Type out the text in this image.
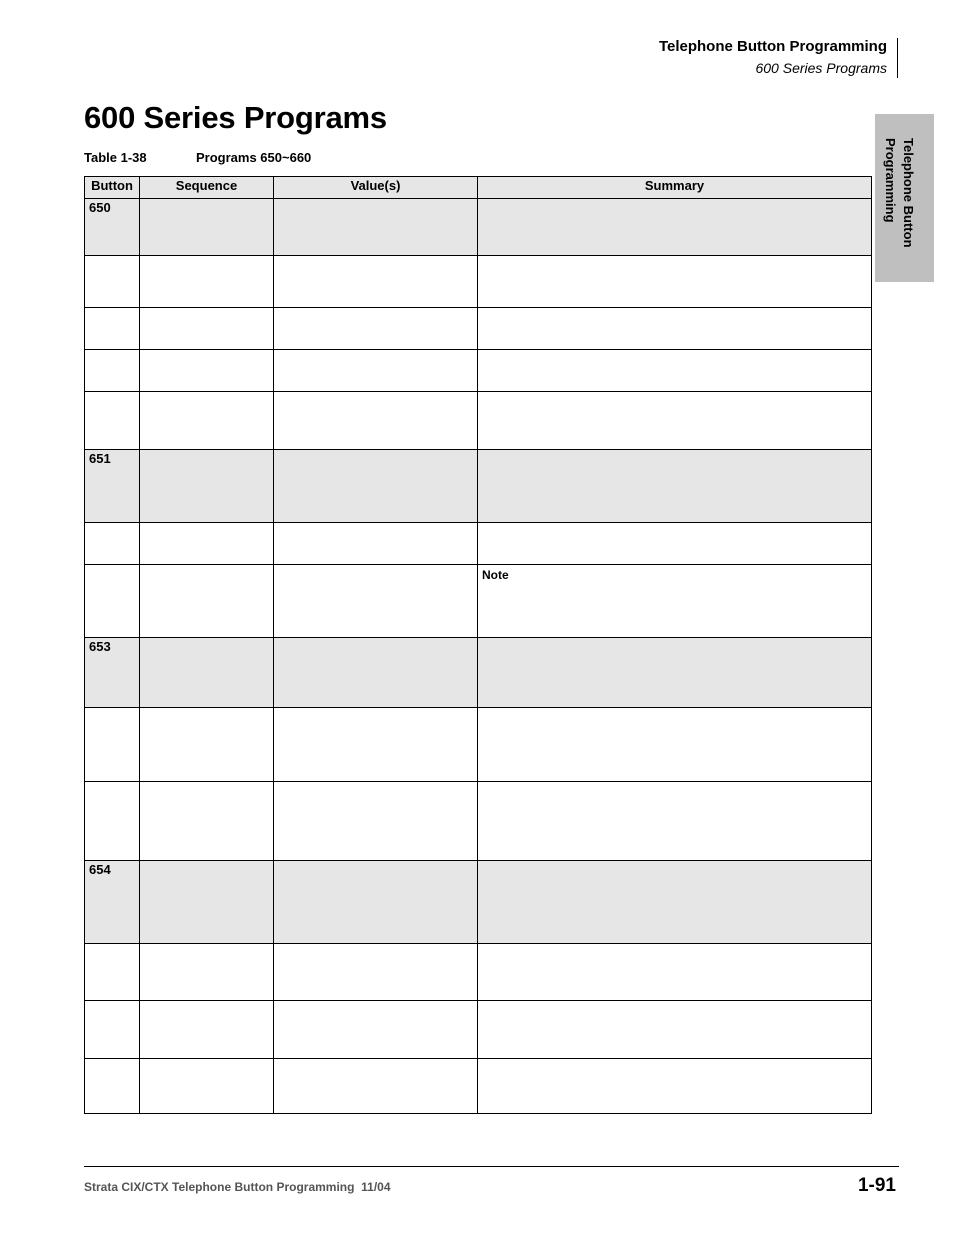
Telephone Button Programming
600 Series Programs
Telephone Button
Programming
600 Series Programs
Table 1-38	Programs 650~660
Button	Sequence	Value(s)	Summary
650			

651			

			Note

653			

654			

Strata CIX/CTX Telephone Button Programming  11/04	1-91
